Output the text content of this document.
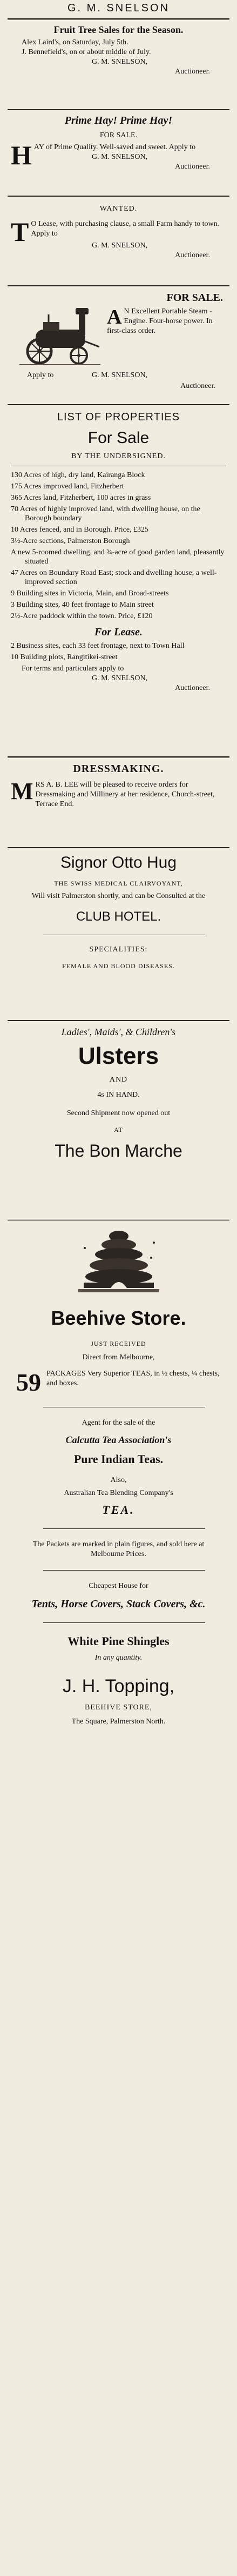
G. M. SNELSON

Fruit Tree Sales for the Season.

Alex Laird's, on Saturday, July 5th.

J. Bennefield's, on or about middle of July.

G. M. SNELSON,

Auctioneer.

Prime Hay! Prime Hay!

FOR SALE.

H AY of Prime Quality. Well-saved and sweet. Apply to

G. M. SNELSON,

Auctioneer.

WANTED.

T O Lease, with purchasing clause, a small Farm handy to town. Apply to

G. M. SNELSON,

Auctioneer.

FOR SALE.

A N Excellent Portable Steam - Engine. Four-horse power. In first-class order.

Apply to	G. M. SNELSON,

Auctioneer.

LIST OF PROPERTIES

For Sale

BY THE UNDERSIGNED.

130 Acres of high, dry land, Kairanga Block

175 Acres improved land, Fitzherbert

365 Acres land, Fitzherbert, 100 acres in grass

70 Acres of highly improved land, with dwelling house, on the Borough boundary

10 Acres fenced, and in Borough. Price, £325

3½-Acre sections, Palmerston Borough

A new 5-roomed dwelling, and ¾-acre of good garden land, pleasantly situated

47 Acres on Boundary Road East; stock and dwelling house; a well-improved section

9 Building sites in Victoria, Main, and Broad-streets

3 Building sites, 40 feet frontage to Main street

2½-Acre paddock within the town. Price, £120

For Lease.

2 Business sites, each 33 feet frontage, next to Town Hall

10 Building plots, Rangitikei-street

For terms and particulars apply to

G. M. SNELSON,

Auctioneer.

DRESSMAKING.

M RS A. B. LEE will be pleased to receive orders for Dressmaking and Millinery at her residence, Church-street, Terrace End.

Signor Otto Hug

THE SWISS MEDICAL CLAIRVOYANT,

Will visit Palmerston shortly, and can be Consulted at the

CLUB HOTEL.

SPECIALITIES:

FEMALE AND BLOOD DISEASES.

Ladies', Maids', & Children's

Ulsters

AND

4s IN HAND.

Second Shipment now opened out

AT

The Bon Marche

Beehive Store.

JUST RECEIVED

Direct from Melbourne,

59 PACKAGES Very Superior TEAS, in ½ chests, ¼ chests, and boxes.

Agent for the sale of the

Calcutta Tea Association's

Pure Indian Teas.

Also,

Australian Tea Blending Company's

TEA.

The Packets are marked in plain figures, and sold here at Melbourne Prices.

Cheapest House for

Tents, Horse Covers, Stack Covers, &c.

White Pine Shingles

In any quantity.

J. H. Topping,

BEEHIVE STORE,

The Square, Palmerston North.
